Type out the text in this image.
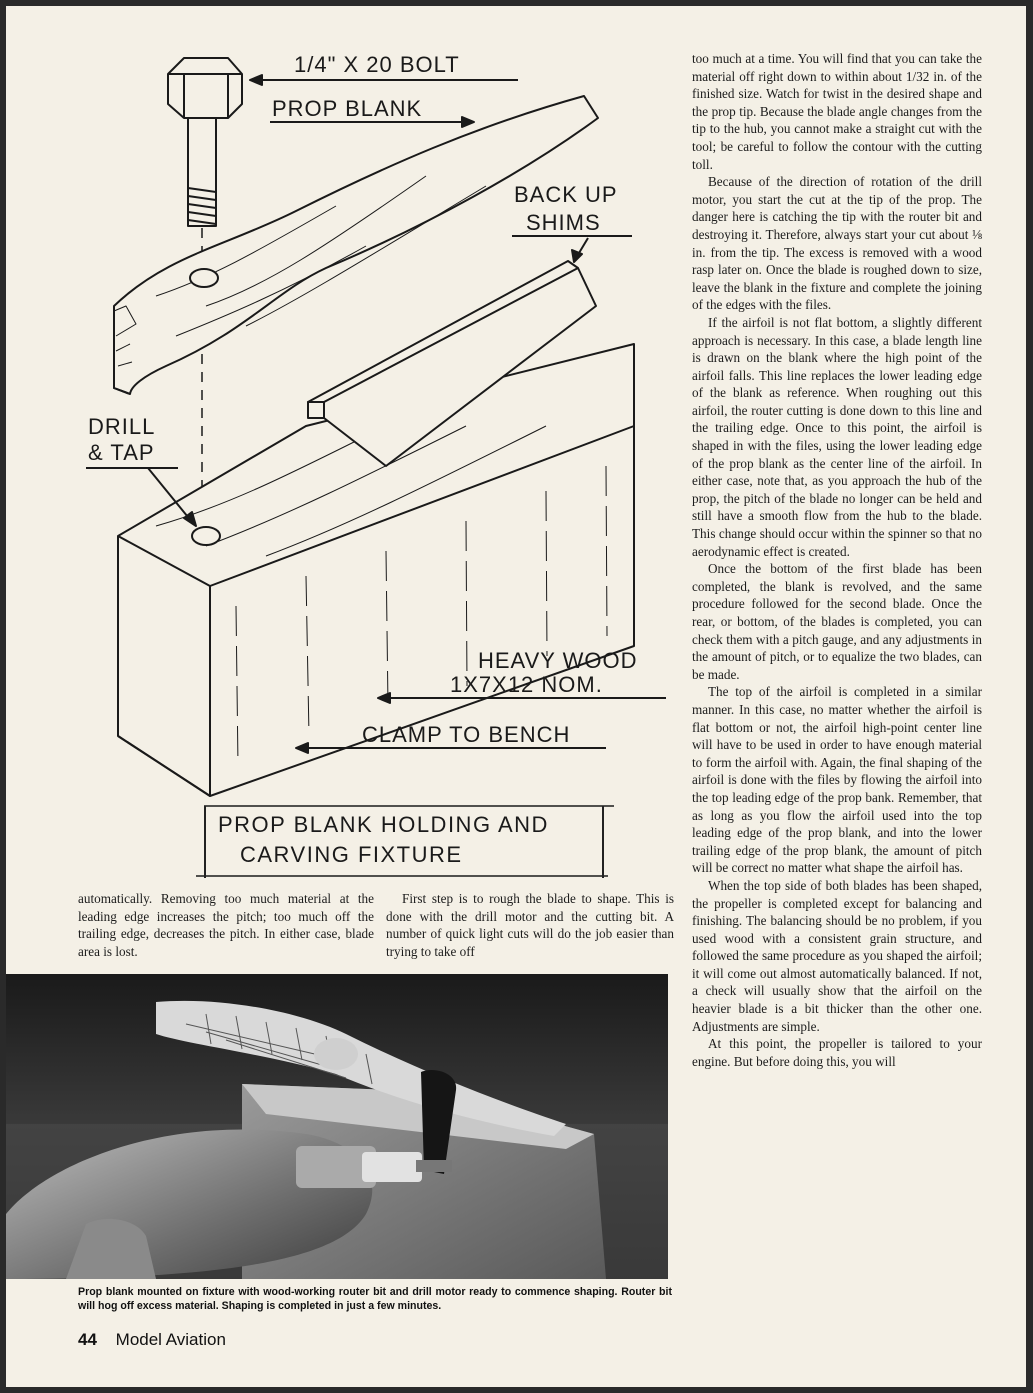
1/4" X 20 BOLT
PROP BLANK
BACK UP
SHIMS
DRILL
& TAP
HEAVY WOOD
1X7X12 NOM.
CLAMP TO BENCH
PROP BLANK HOLDING AND
CARVING FIXTURE

automatically. Removing too much material at the leading edge increases the pitch; too much off the trailing edge, decreases the pitch. In either case, blade area is lost.

First step is to rough the blade to shape. This is done with the drill motor and the cutting bit. A number of quick light cuts will do the job easier than trying to take off

Prop blank mounted on fixture with wood-working router bit and drill motor ready to commence shaping. Router bit will hog off excess material. Shaping is completed in just a few minutes.

too much at a time. You will find that you can take the material off right down to within about 1/32 in. of the finished size. Watch for twist in the desired shape and the prop tip. Because the blade angle changes from the tip to the hub, you cannot make a straight cut with the tool; be careful to follow the contour with the cutting toll.

Because of the direction of rotation of the drill motor, you start the cut at the tip of the prop. The danger here is catching the tip with the router bit and destroying it. Therefore, always start your cut about ⅛ in. from the tip. The excess is removed with a wood rasp later on. Once the blade is roughed down to size, leave the blank in the fixture and complete the joining of the edges with the files.

If the airfoil is not flat bottom, a slightly different approach is necessary. In this case, a blade length line is drawn on the blank where the high point of the airfoil falls. This line replaces the lower leading edge of the blank as reference. When roughing out this airfoil, the router cutting is done down to this line and the trailing edge. Once to this point, the airfoil is shaped in with the files, using the lower leading edge of the prop blank as the center line of the airfoil. In either case, note that, as you approach the hub of the prop, the pitch of the blade no longer can be held and still have a smooth flow from the hub to the blade. This change should occur within the spinner so that no aerodynamic effect is created.

Once the bottom of the first blade has been completed, the blank is revolved, and the same procedure followed for the second blade. Once the rear, or bottom, of the blades is completed, you can check them with a pitch gauge, and any adjustments in the amount of pitch, or to equalize the two blades, can be made.

The top of the airfoil is completed in a similar manner. In this case, no matter whether the airfoil is flat bottom or not, the airfoil high-point center line will have to be used in order to have enough material to form the airfoil with. Again, the final shaping of the airfoil is done with the files by flowing the airfoil into the top leading edge of the prop bank. Remember, that as long as you flow the airfoil used into the top leading edge of the prop blank, and into the lower trailing edge of the prop blank, the amount of pitch will be correct no matter what shape the airfoil has.

When the top side of both blades has been shaped, the propeller is completed except for balancing and finishing. The balancing should be no problem, if you used wood with a consistent grain structure, and followed the same procedure as you shaped the airfoil; it will come out almost automatically balanced. If not, a check will usually show that the airfoil on the heavier blade is a bit thicker than the other one. Adjustments are simple.

At this point, the propeller is tailored to your engine. But before doing this, you will

44 Model Aviation
